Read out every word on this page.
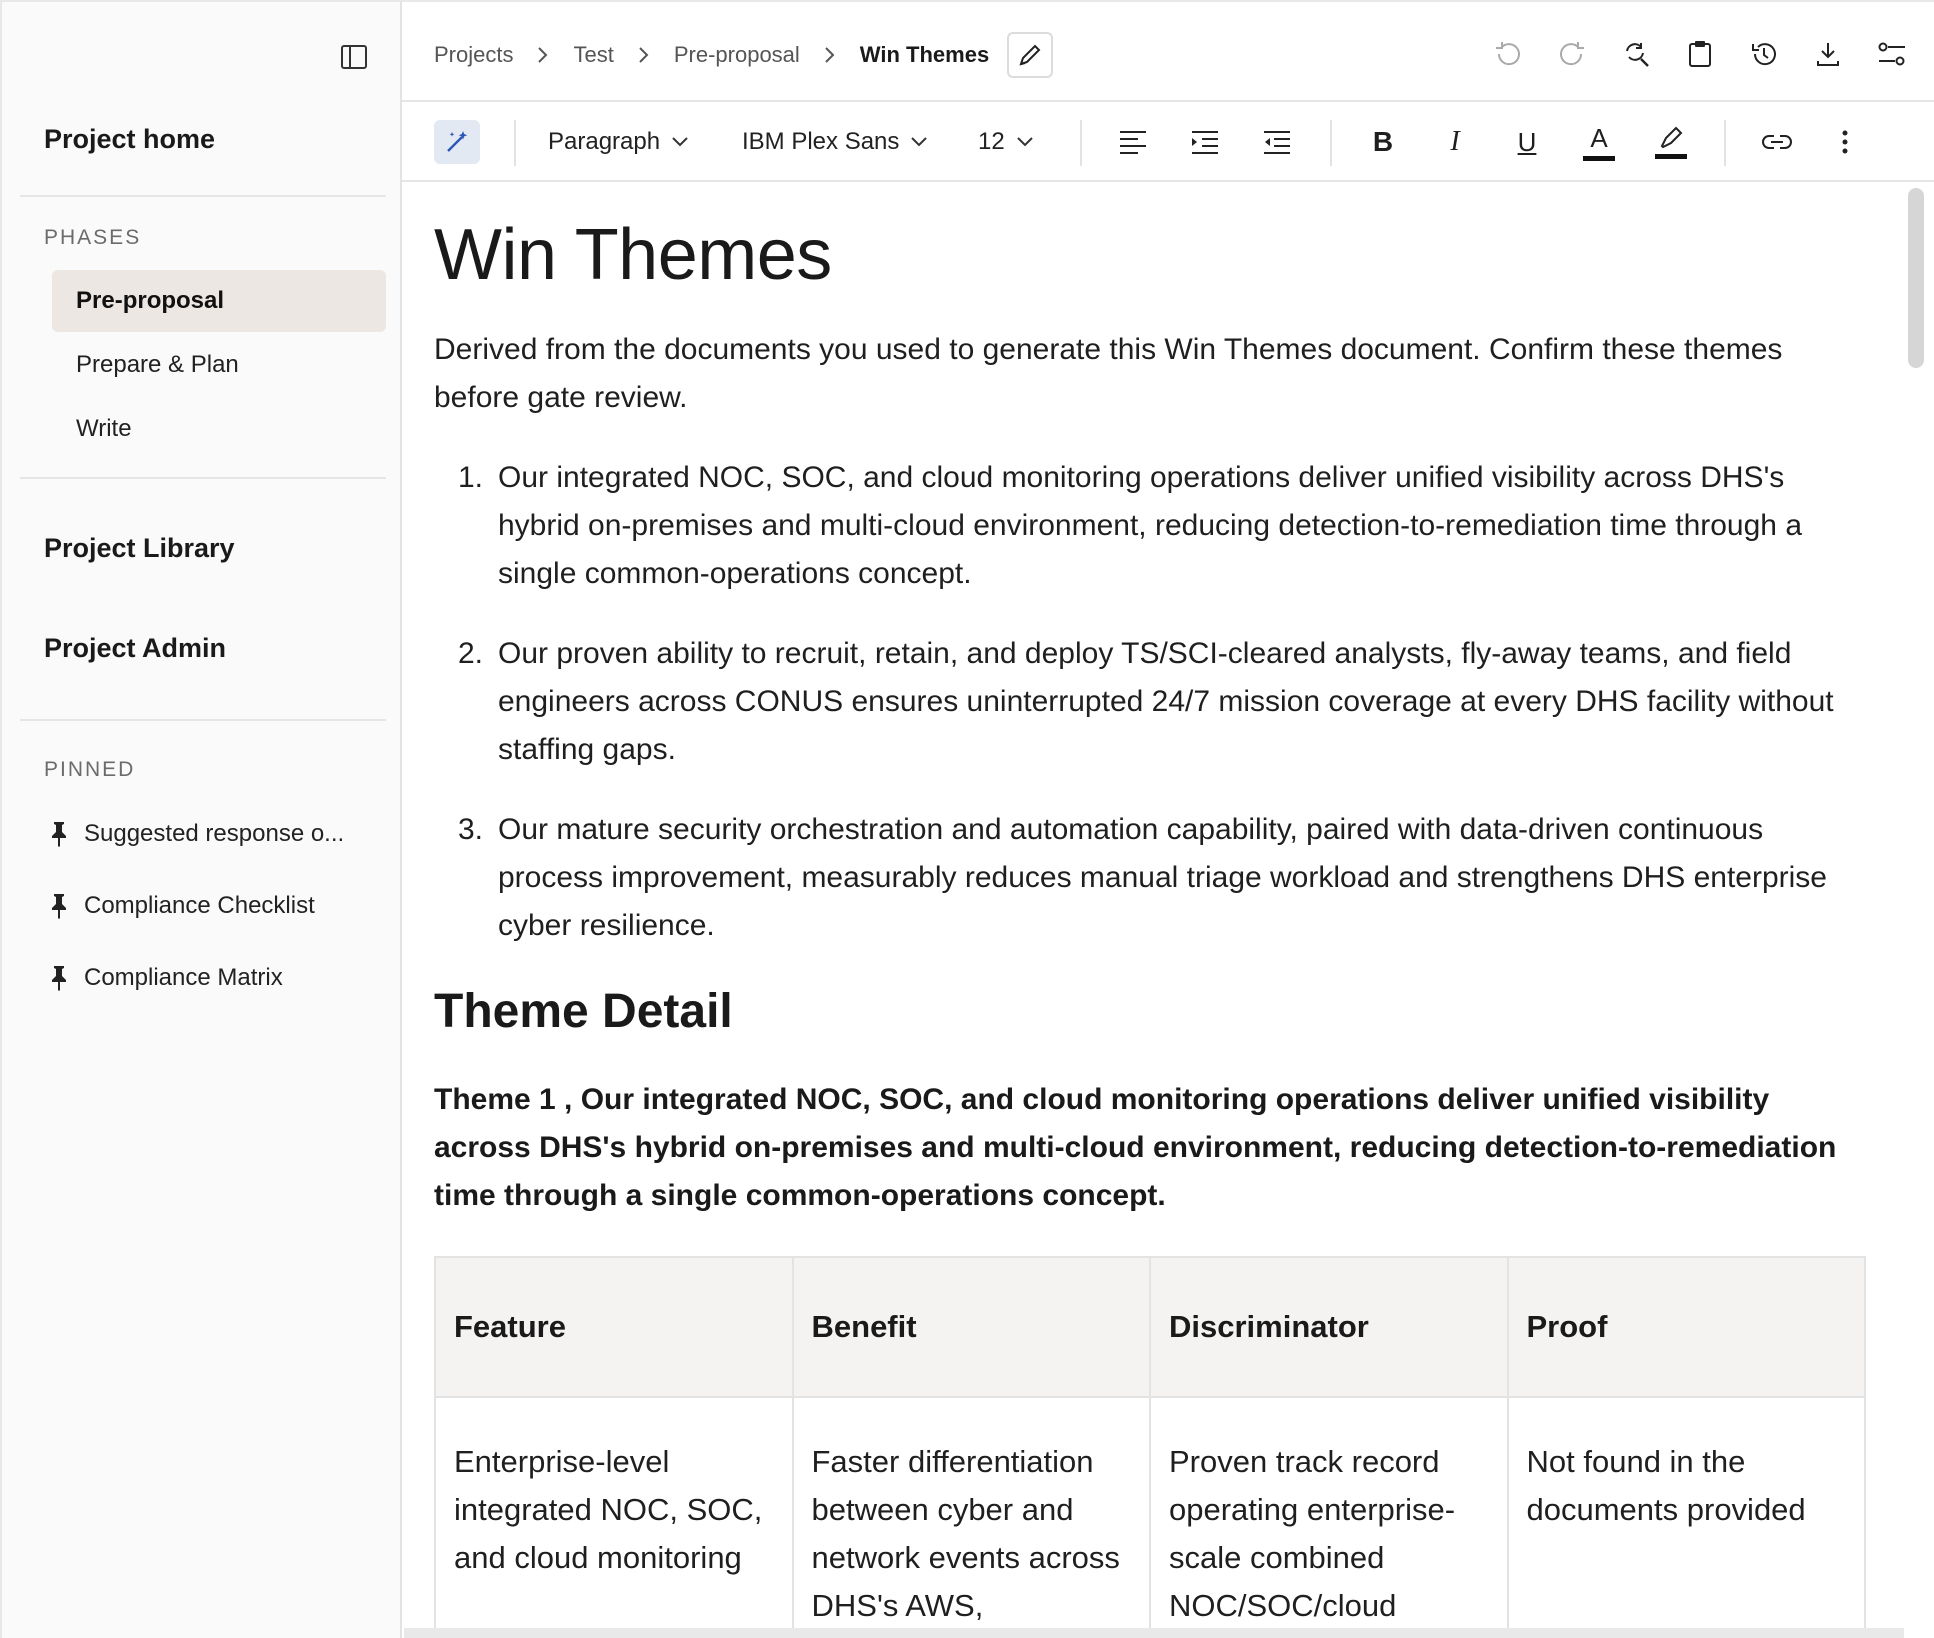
Project home
PHASES
Pre-proposal
Prepare & Plan
Write
Project Library
Project Admin
PINNED
Suggested response o...
Compliance Checklist
Compliance Matrix
Projects	Test	Pre-proposal	Win Themes
Paragraph	IBM Plex Sans	12	B I U A
Win Themes

Derived from the documents you used to generate this Win Themes document. Confirm these themes before gate review.

1. Our integrated NOC, SOC, and cloud monitoring operations deliver unified visibility across DHS's hybrid on-premises and multi-cloud environment, reducing detection-to-remediation time through a single common-operations concept.
2. Our proven ability to recruit, retain, and deploy TS/SCI-cleared analysts, fly-away teams, and field engineers across CONUS ensures uninterrupted 24/7 mission coverage at every DHS facility without staffing gaps.
3. Our mature security orchestration and automation capability, paired with data-driven continuous process improvement, measurably reduces manual triage workload and strengthens DHS enterprise cyber resilience.
Theme Detail

Theme 1 , Our integrated NOC, SOC, and cloud monitoring operations deliver unified visibility across DHS's hybrid on-premises and multi-cloud environment, reducing detection-to-remediation time through a single common-operations concept.

Feature	Benefit	Discriminator	Proof
Enterprise-level integrated NOC, SOC, and cloud monitoring	Faster differentiation between cyber and network events across DHS's AWS,	Proven track record operating enterprise-scale combined NOC/SOC/cloud	Not found in the documents provided
